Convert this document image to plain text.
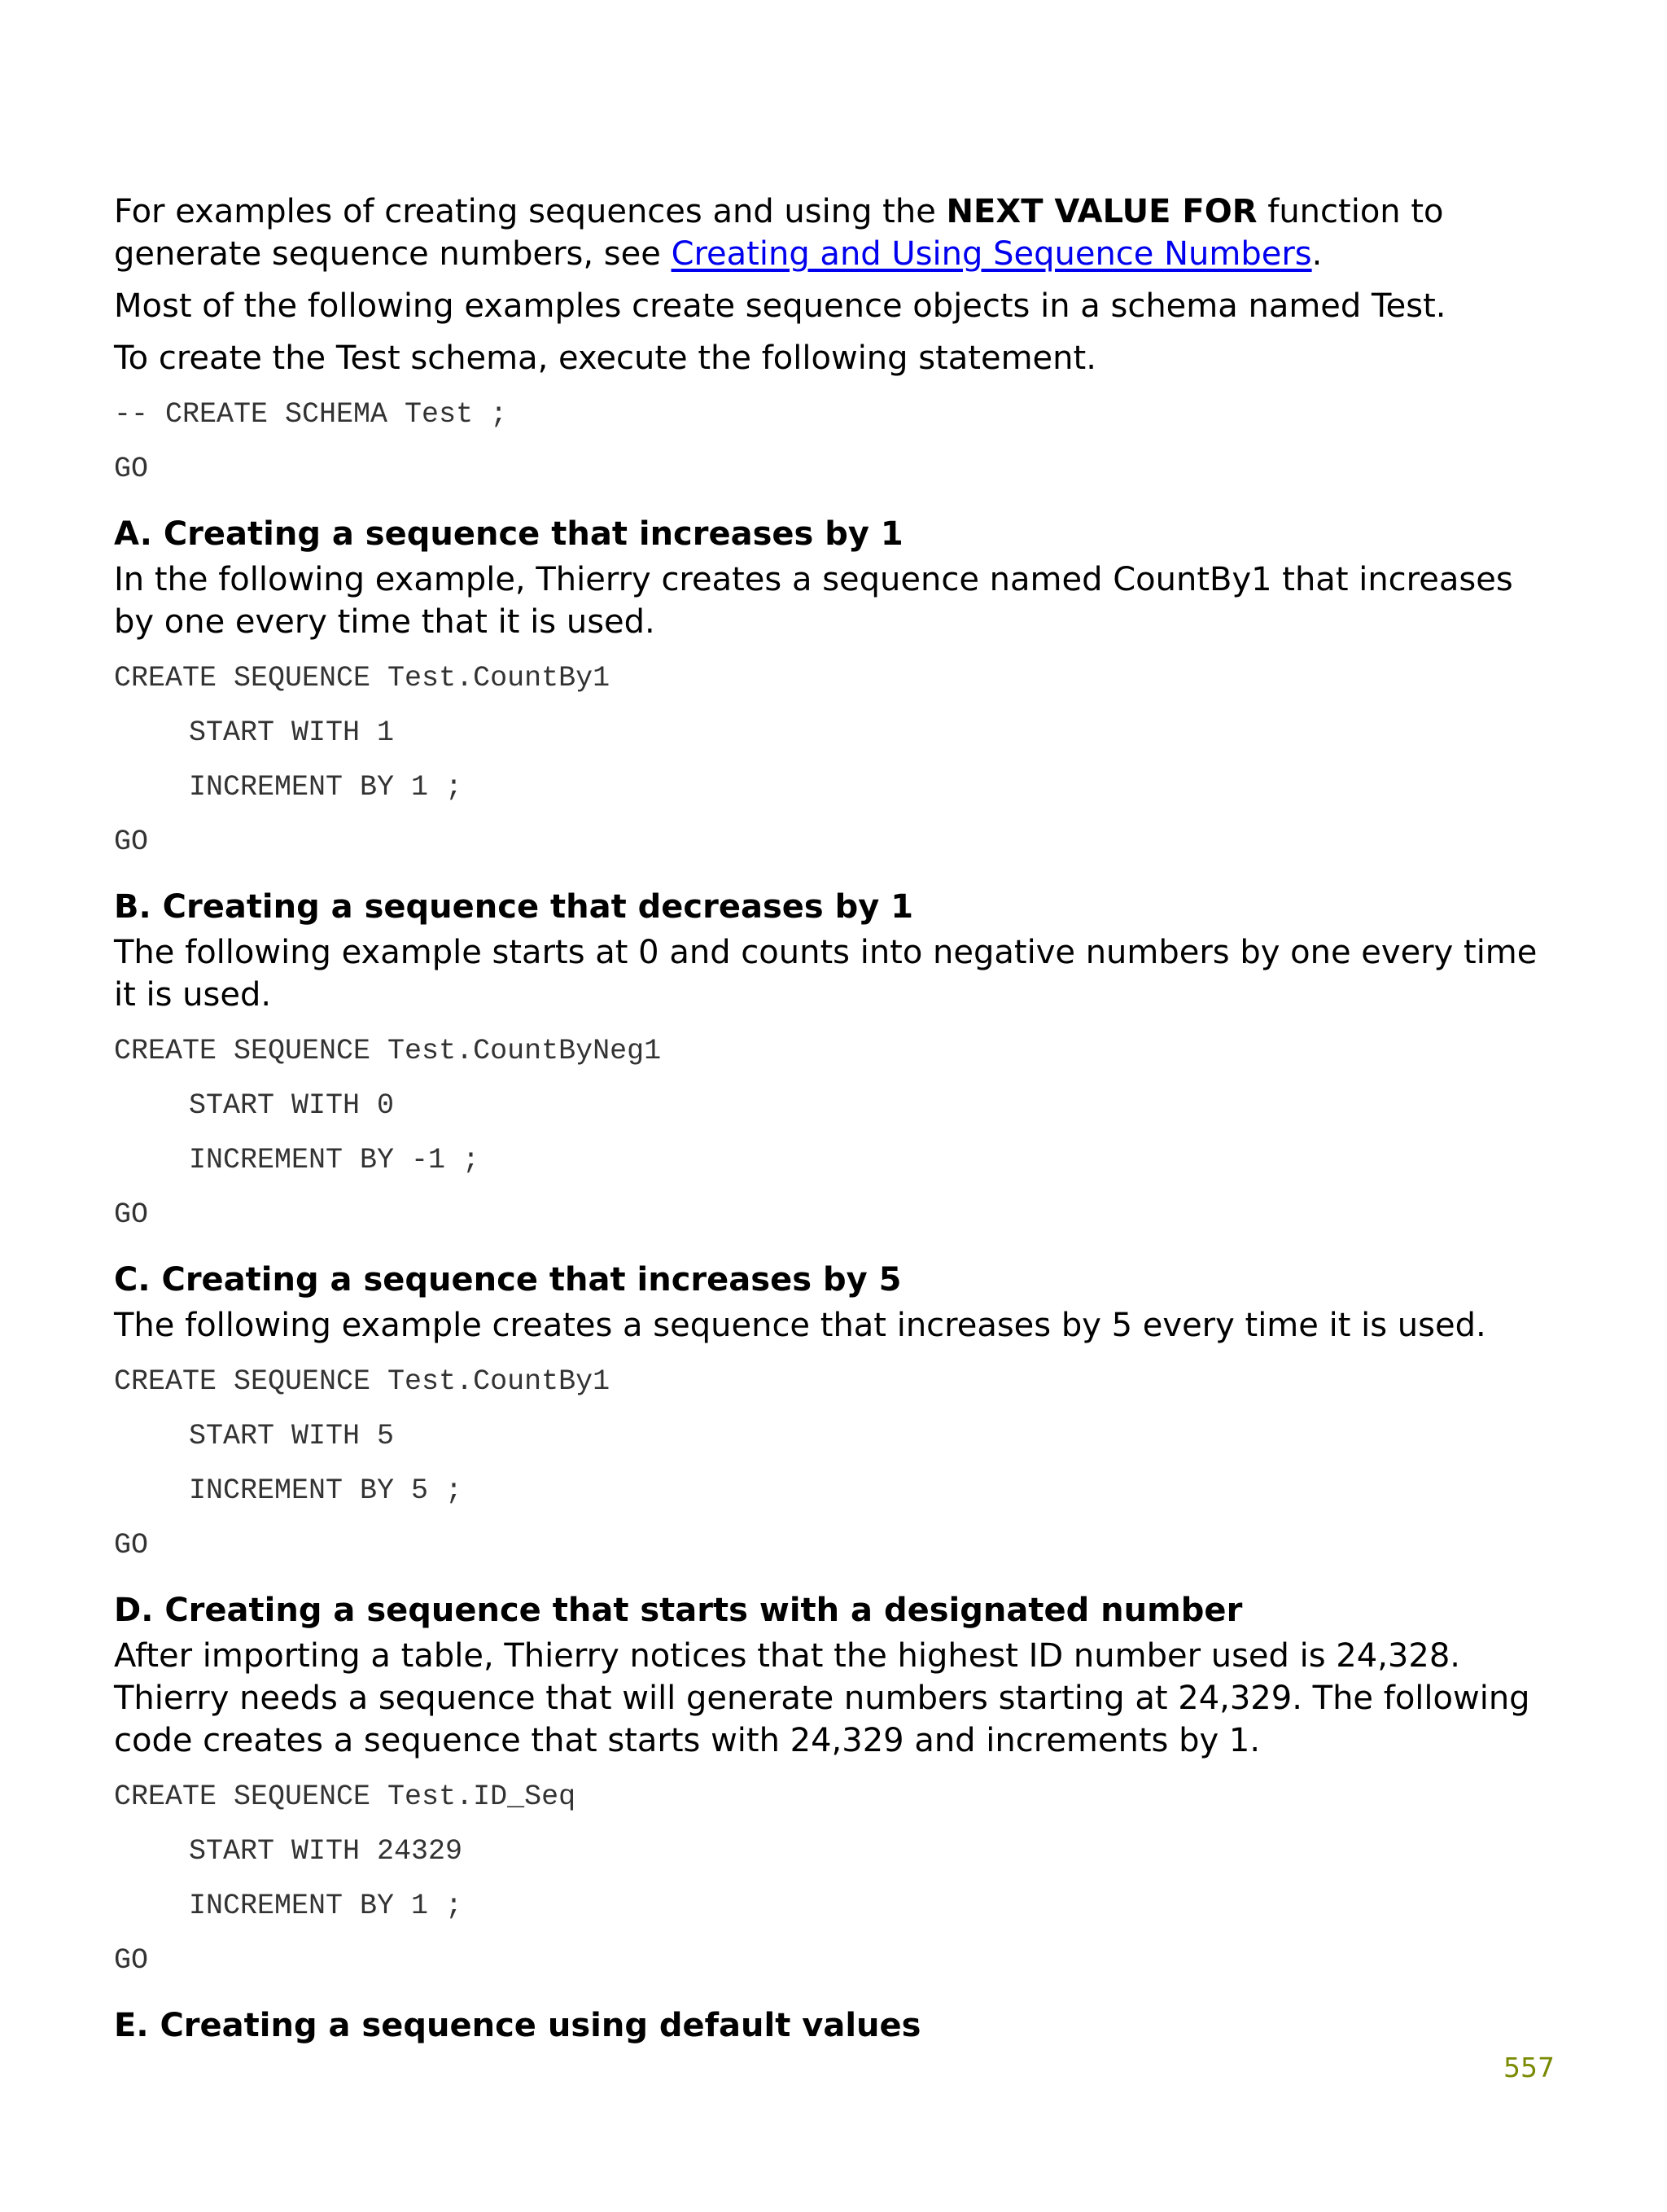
For examples of creating sequences and using the NEXT VALUE FOR function to generate sequence numbers, see Creating and Using Sequence Numbers.

Most of the following examples create sequence objects in a schema named Test.

To create the Test schema, execute the following statement.

-- CREATE SCHEMA Test ;
GO
A. Creating a sequence that increases by 1

In the following example, Thierry creates a sequence named CountBy1 that increases by one every time that it is used.

CREATE SEQUENCE Test.CountBy1
START WITH 1
INCREMENT BY 1 ;
GO
B. Creating a sequence that decreases by 1

The following example starts at 0 and counts into negative numbers by one every time it is used.

CREATE SEQUENCE Test.CountByNeg1
START WITH 0
INCREMENT BY -1 ;
GO
C. Creating a sequence that increases by 5

The following example creates a sequence that increases by 5 every time it is used.

CREATE SEQUENCE Test.CountBy1
START WITH 5
INCREMENT BY 5 ;
GO
D. Creating a sequence that starts with a designated number

After importing a table, Thierry notices that the highest ID number used is 24,328. Thierry needs a sequence that will generate numbers starting at 24,329. The following code creates a sequence that starts with 24,329 and increments by 1.

CREATE SEQUENCE Test.ID_Seq
START WITH 24329
INCREMENT BY 1 ;
GO
E. Creating a sequence using default values
557
